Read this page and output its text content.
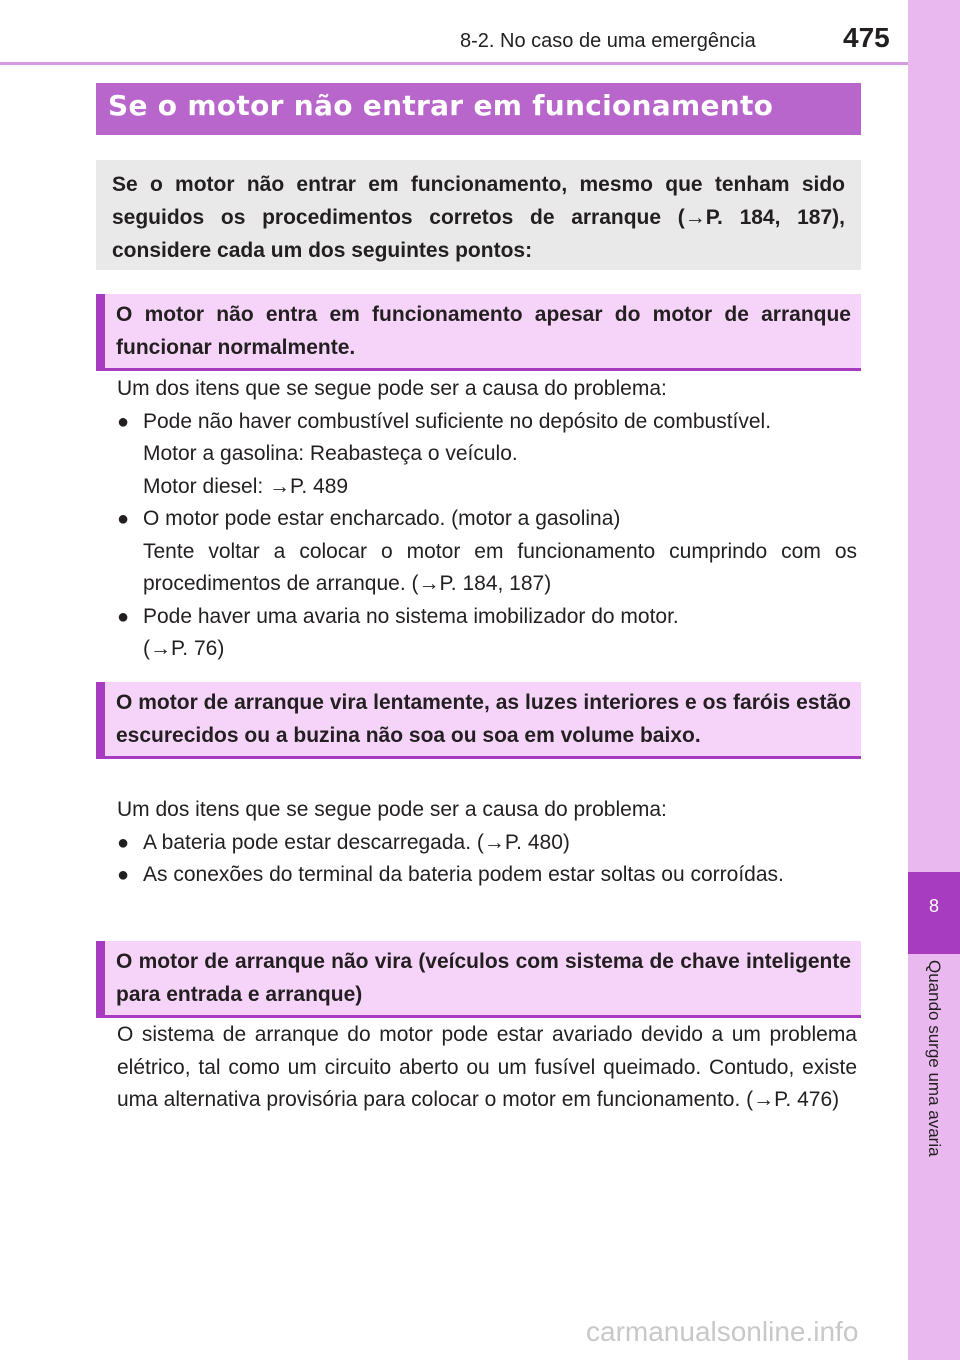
8-2. No caso de uma emergência	475
8
Quando surge uma avaria
Se o motor não entrar em funcionamento

Se o motor não entrar em funcionamento, mesmo que tenham sido seguidos os procedimentos corretos de arranque (→P. 184, 187), considere cada um dos seguintes pontos:

O motor não entra em funcionamento apesar do motor de arranque funcionar normalmente.

Um dos itens que se segue pode ser a causa do problema:
● Pode não haver combustível suficiente no depósito de combustível.
Motor a gasolina: Reabasteça o veículo.
Motor diesel: →P. 489
● O motor pode estar encharcado. (motor a gasolina)
Tente voltar a colocar o motor em funcionamento cumprindo com os procedimentos de arranque. (→P. 184, 187)
● Pode haver uma avaria no sistema imobilizador do motor.
(→P. 76)

O motor de arranque vira lentamente, as luzes interiores e os faróis estão escurecidos ou a buzina não soa ou soa em volume baixo.

Um dos itens que se segue pode ser a causa do problema:
● A bateria pode estar descarregada. (→P. 480)
● As conexões do terminal da bateria podem estar soltas ou corroídas.

O motor de arranque não vira (veículos com sistema de chave inteligente para entrada e arranque)

O sistema de arranque do motor pode estar avariado devido a um problema elétrico, tal como um circuito aberto ou um fusível queimado. Contudo, existe uma alternativa provisória para colocar o motor em funcionamento. (→P. 476)

carmanualsonline.info
